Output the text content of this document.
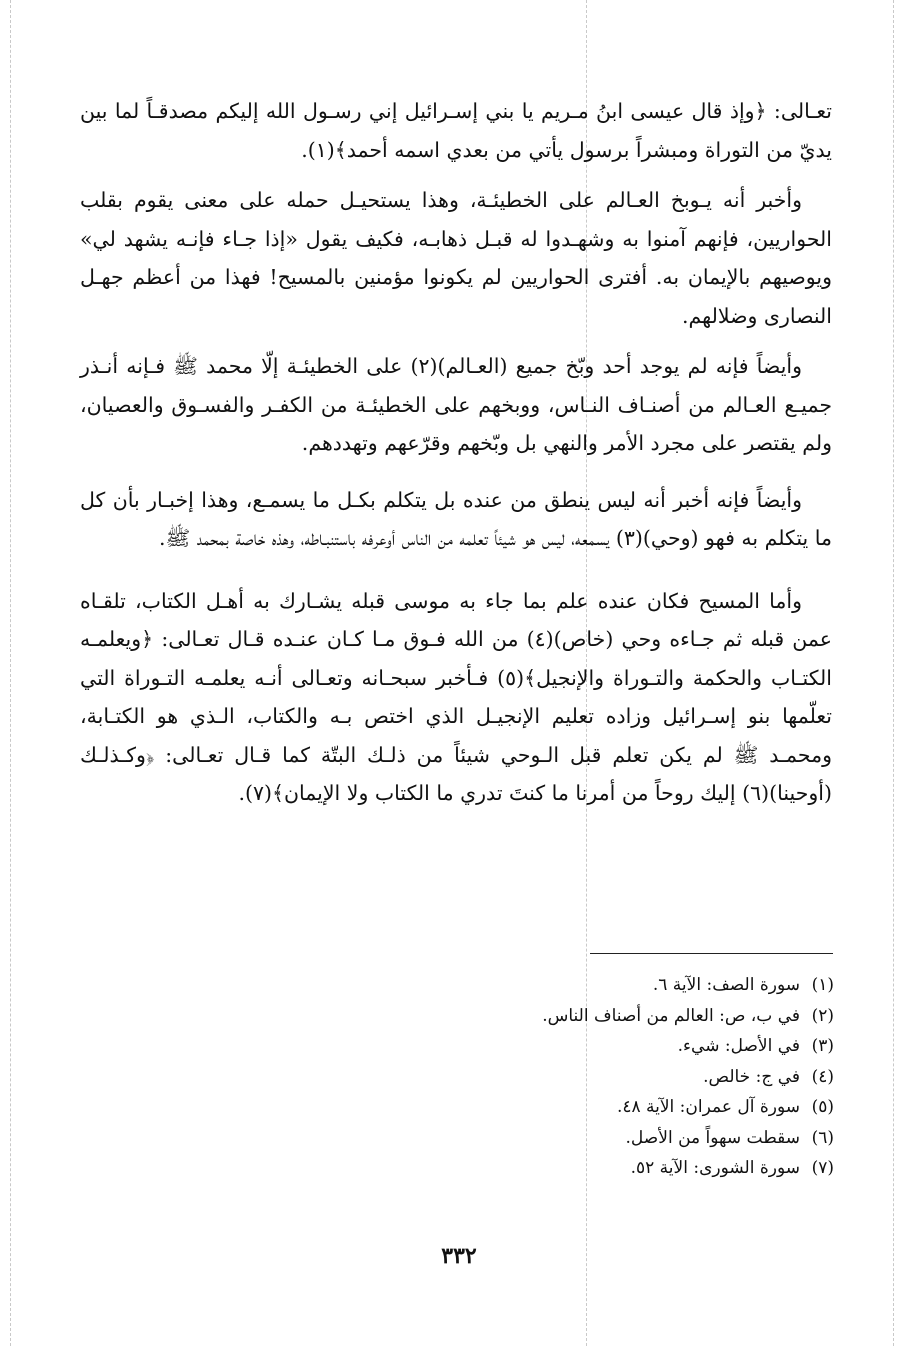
تعـالى: ﴿وإذ قال عيسى ابنُ مـريم يا بني إسـرائيل إني رسـول الله إليكم مصدقـاً لما بين يديّ من التوراة ومبشراً برسول يأتي من بعدي اسمه أحمد﴾(١).

وأخبر أنه يـوبخ العـالم على الخطيئـة، وهذا يستحيـل حمله على معنى يقوم بقلب الحواريين، فإنهم آمنوا به وشهـدوا له قبـل ذهابـه، فكيف يقول «إذا جـاء فإنـه يشهد لي» ويوصيهم بالإيمان به. أفترى الحواريين لم يكونوا مؤمنين بالمسيح! فهذا من أعظم جهـل النصارى وضلالهم.

وأيضاً فإنه لم يوجد أحد وبّخ جميع (العـالم)(٢) على الخطيئـة إلّا محمد ﷺ فـإنه أنـذر جميـع العـالم من أصنـاف النـاس، ووبخهم على الخطيئـة من الكفـر والفسـوق والعصيان، ولم يقتصر على مجرد الأمر والنهي بل وبّخهم وقرّعهم وتهددهم.

وأيضاً فإنه أخبر أنه ليس ينطق من عنده بل يتكلم بكـل ما يسمـع، وهذا إخبـار بأن كل ما يتكلم به فهو (وحي)(٣) يسمعه، ليس هو شيئاً تعلمه من الناس أوعرفه باستنبـاطه، وهذه خاصة بمحمد ﷺ.

وأما المسيح فكان عنده علم بما جاء به موسى قبله يشـارك به أهـل الكتاب، تلقـاه عمن قبله ثم جـاءه وحي (خاص)(٤) من الله فـوق مـا كـان عنـده قـال تعـالى: ﴿ويعلمـه الكتـاب والحكمة والتـوراة والإنجيل﴾(٥) فـأخبر سبحـانه وتعـالى أنـه يعلمـه التـوراة التي تعلّمها بنو إسـرائيل وزاده تعليم الإنجيـل الذي اختص بـه والكتاب، الـذي هو الكتـابة، ومحمـد ﷺ لم يكن تعلم قبل الـوحي شيئاً من ذلـك البتّة كما قـال تعـالى: ﴿وكـذلـك (أوحينا)(٦) إليك روحاً من أمرنا ما كنتَ تدري ما الكتاب ولا الإيمان﴾(٧).

(١)
سورة الصف: الآية ٦.
(٢)
في ب، ص: العالم من أصناف الناس.
(٣)
في الأصل: شيء.
(٤)
في ج: خالص.
(٥)
سورة آل عمران: الآية ٤٨.
(٦)
سقطت سهواً من الأصل.
(٧)
سورة الشورى: الآية ٥٢.
٣٣٢
